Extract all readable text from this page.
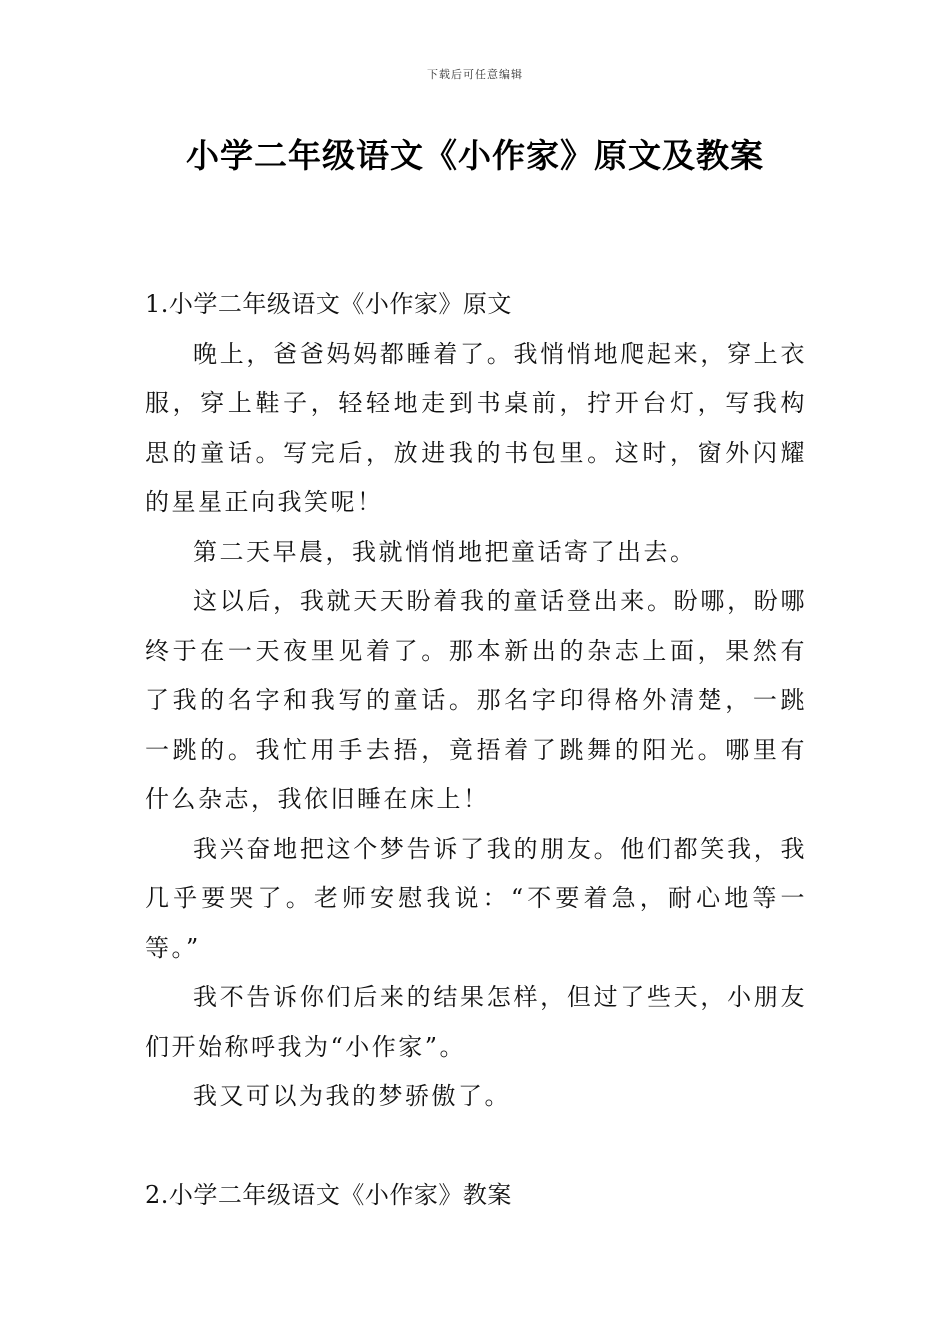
下载后可任意编辑
小学二年级语文《小作家》原文及教案

1.小学二年级语文《小作家》原文

晚上，爸爸妈妈都睡着了。我悄悄地爬起来，穿上衣服，穿上鞋子，轻轻地走到书桌前，拧开台灯，写我构思的童话。写完后，放进我的书包里。这时，窗外闪耀的星星正向我笑呢！

第二天早晨，我就悄悄地把童话寄了出去。

这以后，我就天天盼着我的童话登出来。盼哪，盼哪终于在一天夜里见着了。那本新出的杂志上面，果然有了我的名字和我写的童话。那名字印得格外清楚，一跳一跳的。我忙用手去捂，竟捂着了跳舞的阳光。哪里有什么杂志，我依旧睡在床上！

我兴奋地把这个梦告诉了我的朋友。他们都笑我，我几乎要哭了。老师安慰我说：“不要着急，耐心地等一等。”

我不告诉你们后来的结果怎样，但过了些天，小朋友们开始称呼我为“小作家”。

我又可以为我的梦骄傲了。

2.小学二年级语文《小作家》教案
